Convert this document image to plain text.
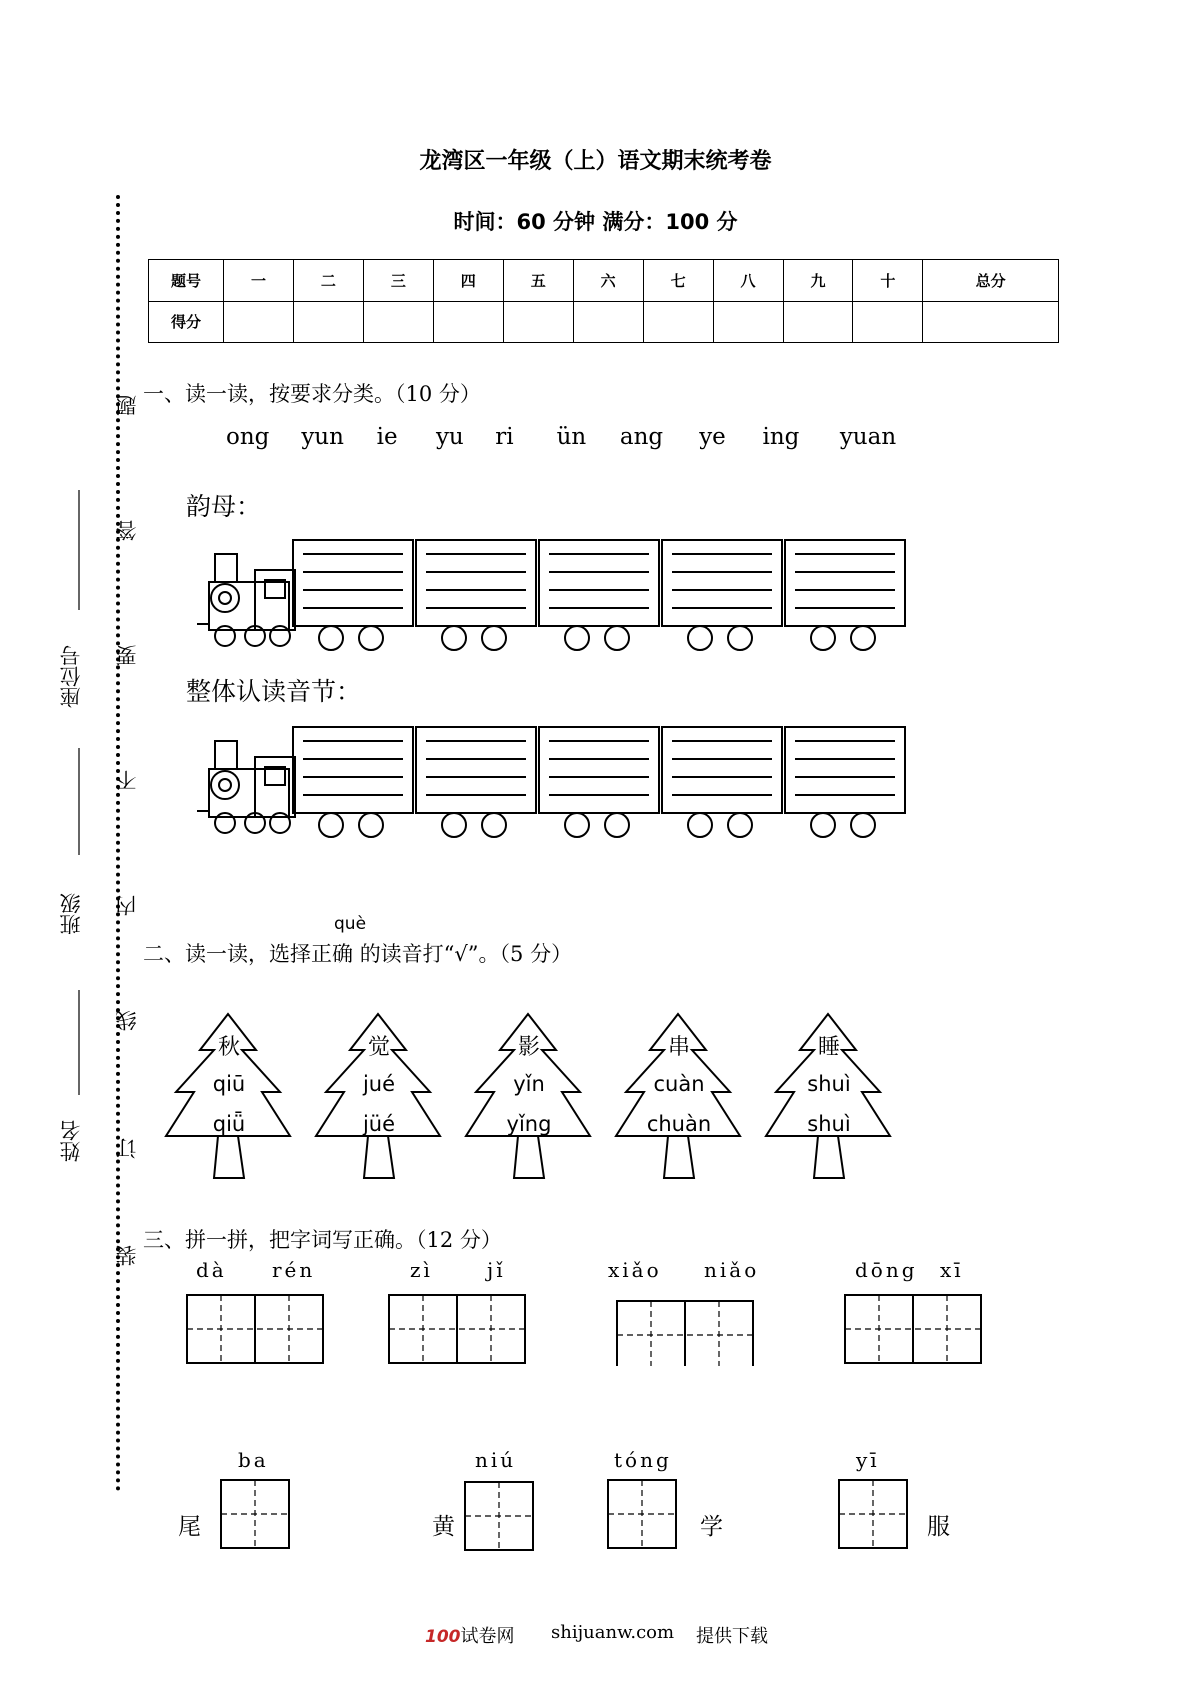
龙湾区一年级（上）语文期末统考卷
时间：60 分钟 满分：100 分
题号	一	二	三	四	五	六	七	八	九	十	总分
得分											
姓名
班级
座位号
装
订
线
内
不
要
答
题 一、读一读，按要求分类。（10 分）
ong yun ie yu ri ün ang ye ing yuan
韵母：
整体认读音节：
二、读一读，选择正
què
确 的读音打“√”。（5 分）
秋
qiū
qiǖ
觉
jué
jüé
影
yǐn
yǐng
串
cuàn
chuàn
睡
shuì
shuì
三、拼一拼，把字词写正确。（12 分）
dà rén	zì	jǐ	xiǎo niǎo	dōng xī
ba	niú	tóng	yī
尾	黄	学	服
100试卷网 shijuanw.com 提供下载
